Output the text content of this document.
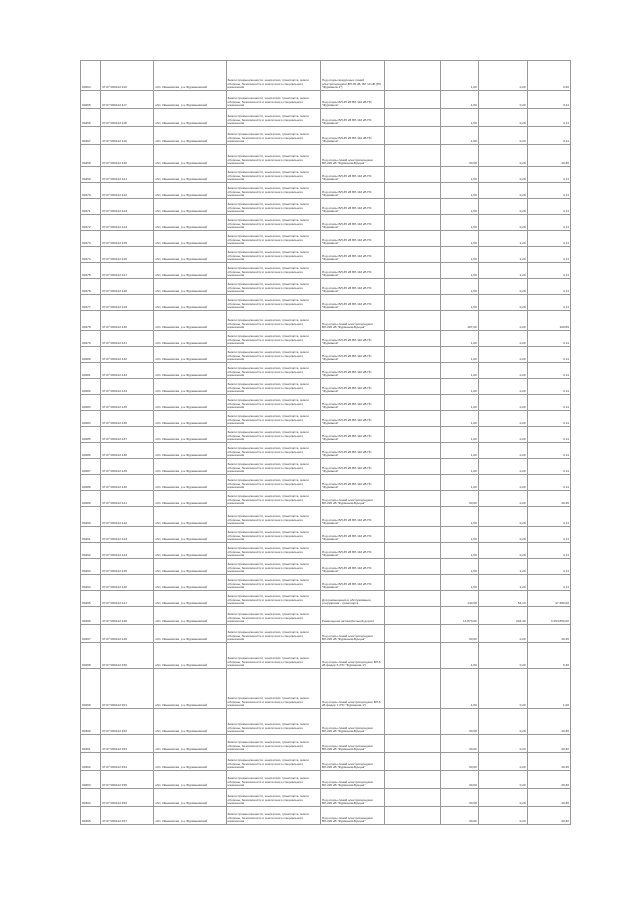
00264	37:07:000412:110	обл. Ивановская, р-н Фурмановский	Земли промышленности, энергетики, транспорта, земли обороны, безопасности и земли иного специального назначения	Под опоры воздушных линий электропередачи ВЛ-35 кВ, ВЛ 10 кВ (ПС "Фурманов-2")		1,00	0,20	0,20
00265	37:07:000412:117	обл. Ивановская, р-н Фурмановский	Земли промышленности, энергетики, транспорта, земли обороны, безопасности и земли иного специального назначения	Под опоры ВЛ-35 кВ ВЛ-110 кВ ПС "Фурманов" ...		1,00	0,20	0,11
00266	37:07:000412:118	обл. Ивановская, р-н Фурмановский	Земли промышленности, энергетики, транспорта, земли обороны, безопасности и земли иного специального назначения	Под опоры ВЛ-35 кВ ВЛ-110 кВ ПС "Фурманов"		1,00	0,20	0,11
00267	37:07:000412:119	обл. Ивановская, р-н Фурмановский	Земли промышленности, энергетики, транспорта, земли обороны, безопасности и земли иного специального назначения	Под опоры ВЛ-35 кВ ВЛ-110 кВ ПС "Фурманов" ...		1,00	0,20	0,11
00268	37:07:000412:120	обл. Ивановская, р-н Фурмановский	Земли промышленности, энергетики, транспорта, земли обороны, безопасности и земли иного специального назначения	Под опоры линий электропередачи ВЛ-220 кВ "Фурманов-Бунцев" ...		30,00	0,20	49,30
00269	37:07:000412:121	обл. Ивановская, р-н Фурмановский	Земли промышленности, энергетики, транспорта, земли обороны, безопасности и земли иного специального назначения	Под опоры ВЛ-35 кВ ВЛ-110 кВ ПС "Фурманов"		1,00	0,20	0,11
00270	37:07:000412:122	обл. Ивановская, р-н Фурмановский	Земли промышленности, энергетики, транспорта, земли обороны, безопасности и земли иного специального назначения	Под опоры ВЛ-35 кВ ВЛ-110 кВ ПС "Фурманов"		1,00	0,20	0,11
00271	37:07:000412:123	обл. Ивановская, р-н Фурмановский	Земли промышленности, энергетики, транспорта, земли обороны, безопасности и земли иного специального назначения	Под опоры ВЛ-35 кВ ВЛ-110 кВ ПС "Фурманов"		1,00	0,20	0,11
00272	37:07:000412:124	обл. Ивановская, р-н Фурмановский	Земли промышленности, энергетики, транспорта, земли обороны, безопасности и земли иного специального назначения	Под опоры ВЛ-35 кВ ВЛ-110 кВ ПС "Фурманов"		1,00	0,20	0,11
00273	37:07:000412:125	обл. Ивановская, р-н Фурмановский	Земли промышленности, энергетики, транспорта, земли обороны, безопасности и земли иного специального назначения	Под опоры ВЛ-35 кВ ВЛ-110 кВ ПС "Фурманов"		1,00	2,20	0,11
00274	37:07:000412:126	обл. Ивановская, р-н Фурмановский	Земли промышленности, энергетики, транспорта, земли обороны, безопасности и земли иного специального назначения	Под опоры ВЛ-35 кВ ВЛ-110 кВ ПС "Фурманов"		1,00	2,20	0,11
00275	37:07:000412:127	обл. Ивановская, р-н Фурмановский	Земли промышленности, энергетики, транспорта, земли обороны, безопасности и земли иного специального назначения	Под опоры ВЛ-35 кВ ВЛ-110 кВ ПС "Фурманов"		1,00	2,20	0,11
00276	37:07:000412:128	обл. Ивановская, р-н Фурмановский	Земли промышленности, энергетики, транспорта, земли обороны, безопасности и земли иного специального назначения	Под опоры ВЛ-35 кВ ВЛ-110 кВ ПС "Фурманов"		1,00	0,20	0,11
00277	37:07:000412:129	обл. Ивановская, р-н Фурмановский	Земли промышленности, энергетики, транспорта, земли обороны, безопасности и земли иного специального назначения	Под опоры ВЛ-35 кВ ВЛ-110 кВ ПС "Фурманов"		1,00	0,20	0,11
00278	37:07:000412:130	обл. Ивановская, р-н Фурмановский	Земли промышленности, энергетики, транспорта, земли обороны, безопасности и земли иного специального назначения	Под опоры линий электропередачи ВЛ-220 кВ "Фурманов-Бунцев"		187,00	0,20	160,89
00279	37:07:000412:131	обл. Ивановская, р-н Фурмановский	Земли промышленности, энергетики, транспорта, земли обороны, безопасности и земли иного специального назначения	Под опоры ВЛ-35 кВ ВЛ-110 кВ ПС "Фурманов"		1,00	0,20	0,11
00280	37:07:000412:132	обл. Ивановская, р-н Фурмановский	Земли промышленности, энергетики, транспорта, земли обороны, безопасности и земли иного специального назначения	Под опоры ВЛ-35 кВ ВЛ-110 кВ ПС "Фурманов"		1,00	0,20	0,11
00281	37:07:000412:133	обл. Ивановская, р-н Фурмановский	Земли промышленности, энергетики, транспорта, земли обороны, безопасности и земли иного специального назначения	Под опоры ВЛ-35 кВ ВЛ-110 кВ ПС "Фурманов"		1,00	0,20	0,11
00282	37:07:000412:134	обл. Ивановская, р-н Фурмановский	Земли промышленности, энергетики, транспорта, земли обороны, безопасности и земли иного специального назначения	Под опоры ВЛ-35 кВ ВЛ-110 кВ ПС "Фурманов"		1,00	0,20	0,11
00283	37:07:000412:135	обл. Ивановская, р-н Фурмановский	Земли промышленности, энергетики, транспорта, земли обороны, безопасности и земли иного специального назначения	Под опоры ВЛ-35 кВ ВЛ-110 кВ ПС "Фурманов"		1,00	0,20	0,11
00284	37:07:000412:136	обл. Ивановская, р-н Фурмановский	Земли промышленности, энергетики, транспорта, земли обороны, безопасности и земли иного специального назначения	Под опоры ВЛ-35 кВ ВЛ-110 кВ ПС "Фурманов"		1,00	0,20	0,11
00285	37:07:000412:137	обл. Ивановская, р-н Фурмановский	Земли промышленности, энергетики, транспорта, земли обороны, безопасности и земли иного специального назначения	Под опоры ВЛ-35 кВ ВЛ-110 кВ ПС "Фурманов"		1,00	0,20	0,11
00286	37:07:000412:138	обл. Ивановская, р-н Фурмановский	Земли промышленности, энергетики, транспорта, земли обороны, безопасности и земли иного специального назначения	Под опоры ВЛ-35 кВ ВЛ-110 кВ ПС "Фурманов"		1,00	0,20	0,11
00287	37:07:000412:139	обл. Ивановская, р-н Фурмановский	Земли промышленности, энергетики, транспорта, земли обороны, безопасности и земли иного специального назначения	Под опоры ВЛ-35 кВ ВЛ-110 кВ ПС "Фурманов"		1,00	0,20	0,11
00288	37:07:000412:140	обл. Ивановская, р-н Фурмановский	Земли промышленности, энергетики, транспорта, земли обороны, безопасности и земли иного специального назначения	Под опоры ВЛ-35 кВ ВЛ-110 кВ ПС "Фурманов"		1,00	0,20	0,11
00289	37:07:000412:141	обл. Ивановская, р-н Фурмановский	Земли промышленности, энергетики, транспорта, земли обороны, безопасности и земли иного специального назначения	Под опоры линий электропередачи ВЛ-220 кВ "Фурманов-Бунцев"		30,00	0,20	49,30
00290	37:07:000412:142	обл. Ивановская, р-н Фурмановский	Земли промышленности, энергетики, транспорта, земли обороны, безопасности и земли иного специального назначения	Под опоры ВЛ-35 кВ ВЛ-110 кВ ПС "Фурманов"		1,00	0,20	0,11
00291	37:07:000412:143	обл. Ивановская, р-н Фурмановский	Земли промышленности, энергетики, транспорта, земли обороны, безопасности и земли иного специального назначения	Под опоры ВЛ-35 кВ ВЛ-110 кВ ПС "Фурманов"		1,00	0,20	0,11
00292	37:07:000412:144	обл. Ивановская, р-н Фурмановский	Земли промышленности, энергетики, транспорта, земли обороны, безопасности и земли иного специального назначения	Под опоры ВЛ-35 кВ ВЛ-110 кВ ПС "Фурманов"		1,00	0,20	0,11
00293	37:07:000412:145	обл. Ивановская, р-н Фурмановский	Земли промышленности, энергетики, транспорта, земли обороны, безопасности и земли иного специального назначения	Под опоры ВЛ-35 кВ ВЛ-110 кВ ПС "Фурманов"		1,00	2,20	0,11
00294	37:07:000412:146	обл. Ивановская, р-н Фурмановский	Земли промышленности, энергетики, транспорта, земли обороны, безопасности и земли иного специального назначения	Под опоры ВЛ-35 кВ ВЛ-110 кВ ПС "Фурманов"		1,00	2,20	0,11
00295	37:07:000412:147	обл. Ивановская, р-н Фурмановский	Земли промышленности, энергетики, транспорта, земли обороны, безопасности и земли иного специального назначения	Для размещения и обслуживания сооружения - транспорта		140,00	54,10	47 380,00
00296	37:07:000412:148	обл. Ивановская, р-н Фурмановский	Земли промышленности, энергетики, транспорта, земли обороны, безопасности и земли иного специального назначения	Размещение автомобильной дороги		14 870,00	204,40	3 254 850,00
00297	37:07:000412:149	обл. Ивановская, р-н Фурмановский	Земли промышленности, энергетики, транспорта, земли обороны, безопасности и земли иного специального назначения	Под опоры линий электропередачи ВЛ-220 кВ "Фурманов-Бунцев"		30,00	0,20	49,30
00298	37:07:000412:150	обл. Ивановская, р-н Фурмановский	Земли промышленности, энергетики, транспорта, земли обороны, безопасности и земли иного специального назначения	Под опоры линий электропередачи ВЛ-6 кВ фидер 6 (ПС "Фурманов-1")		1,00	0,20	0,30
00299	37:07:000412:151	обл. Ивановская, р-н Фурмановский	Земли промышленности, энергетики, транспорта, земли обороны, безопасности и земли иного специального назначения	Под опоры линий электропередачи ВЛ-6 кВ фидер 1 (ПС "Фурманов-1")		1,00	0,20	1,00
00300	37:07:000412:152	обл. Ивановская, р-н Фурмановский	Земли промышленности, энергетики, транспорта, земли обороны, безопасности и земли иного специального назначения	Под опоры линий электропередачи ВЛ-220 кВ "Фурманов-Бунцев"		30,00	0,20	49,30
00301	37:07:000412:153	обл. Ивановская, р-н Фурмановский	Земли промышленности, энергетики, транспорта, земли обороны, безопасности и земли иного специального назначения	Под опоры линий электропередачи ВЛ-220 кВ "Фурманов-Бунцев"		30,00	0,20	49,30
00302	37:07:000412:154	обл. Ивановская, р-н Фурмановский	Земли промышленности, энергетики, транспорта, земли обороны, безопасности и земли иного специального назначения	Под опоры линий электропередачи ВЛ-220 кВ "Фурманов-Бунцев"		30,00	0,20	49,30
00303	37:07:000412:155	обл. Ивановская, р-н Фурмановский	Земли промышленности, энергетики, транспорта, земли обороны, безопасности и земли иного специального назначения	Под опоры линий электропередачи ВЛ-220 кВ "Фурманов-Бунцев"		30,00	0,20	49,30
00304	37:07:000412:156	обл. Ивановская, р-н Фурмановский	Земли промышленности, энергетики, транспорта, земли обороны, безопасности и земли иного специального назначения	Под опоры линий электропередачи ВЛ-220 кВ "Фурманов-Бунцев"		30,00	0,20	49,30
00305	37:07:000412:157	обл. Ивановская, р-н Фурмановский	Земли промышленности, энергетики, транспорта, земли обороны, безопасности и земли иного специального назначения	Под опоры линий электропередачи ВЛ-220 кВ "Фурманов-Бунцев"		30,00	0,20	49,30
